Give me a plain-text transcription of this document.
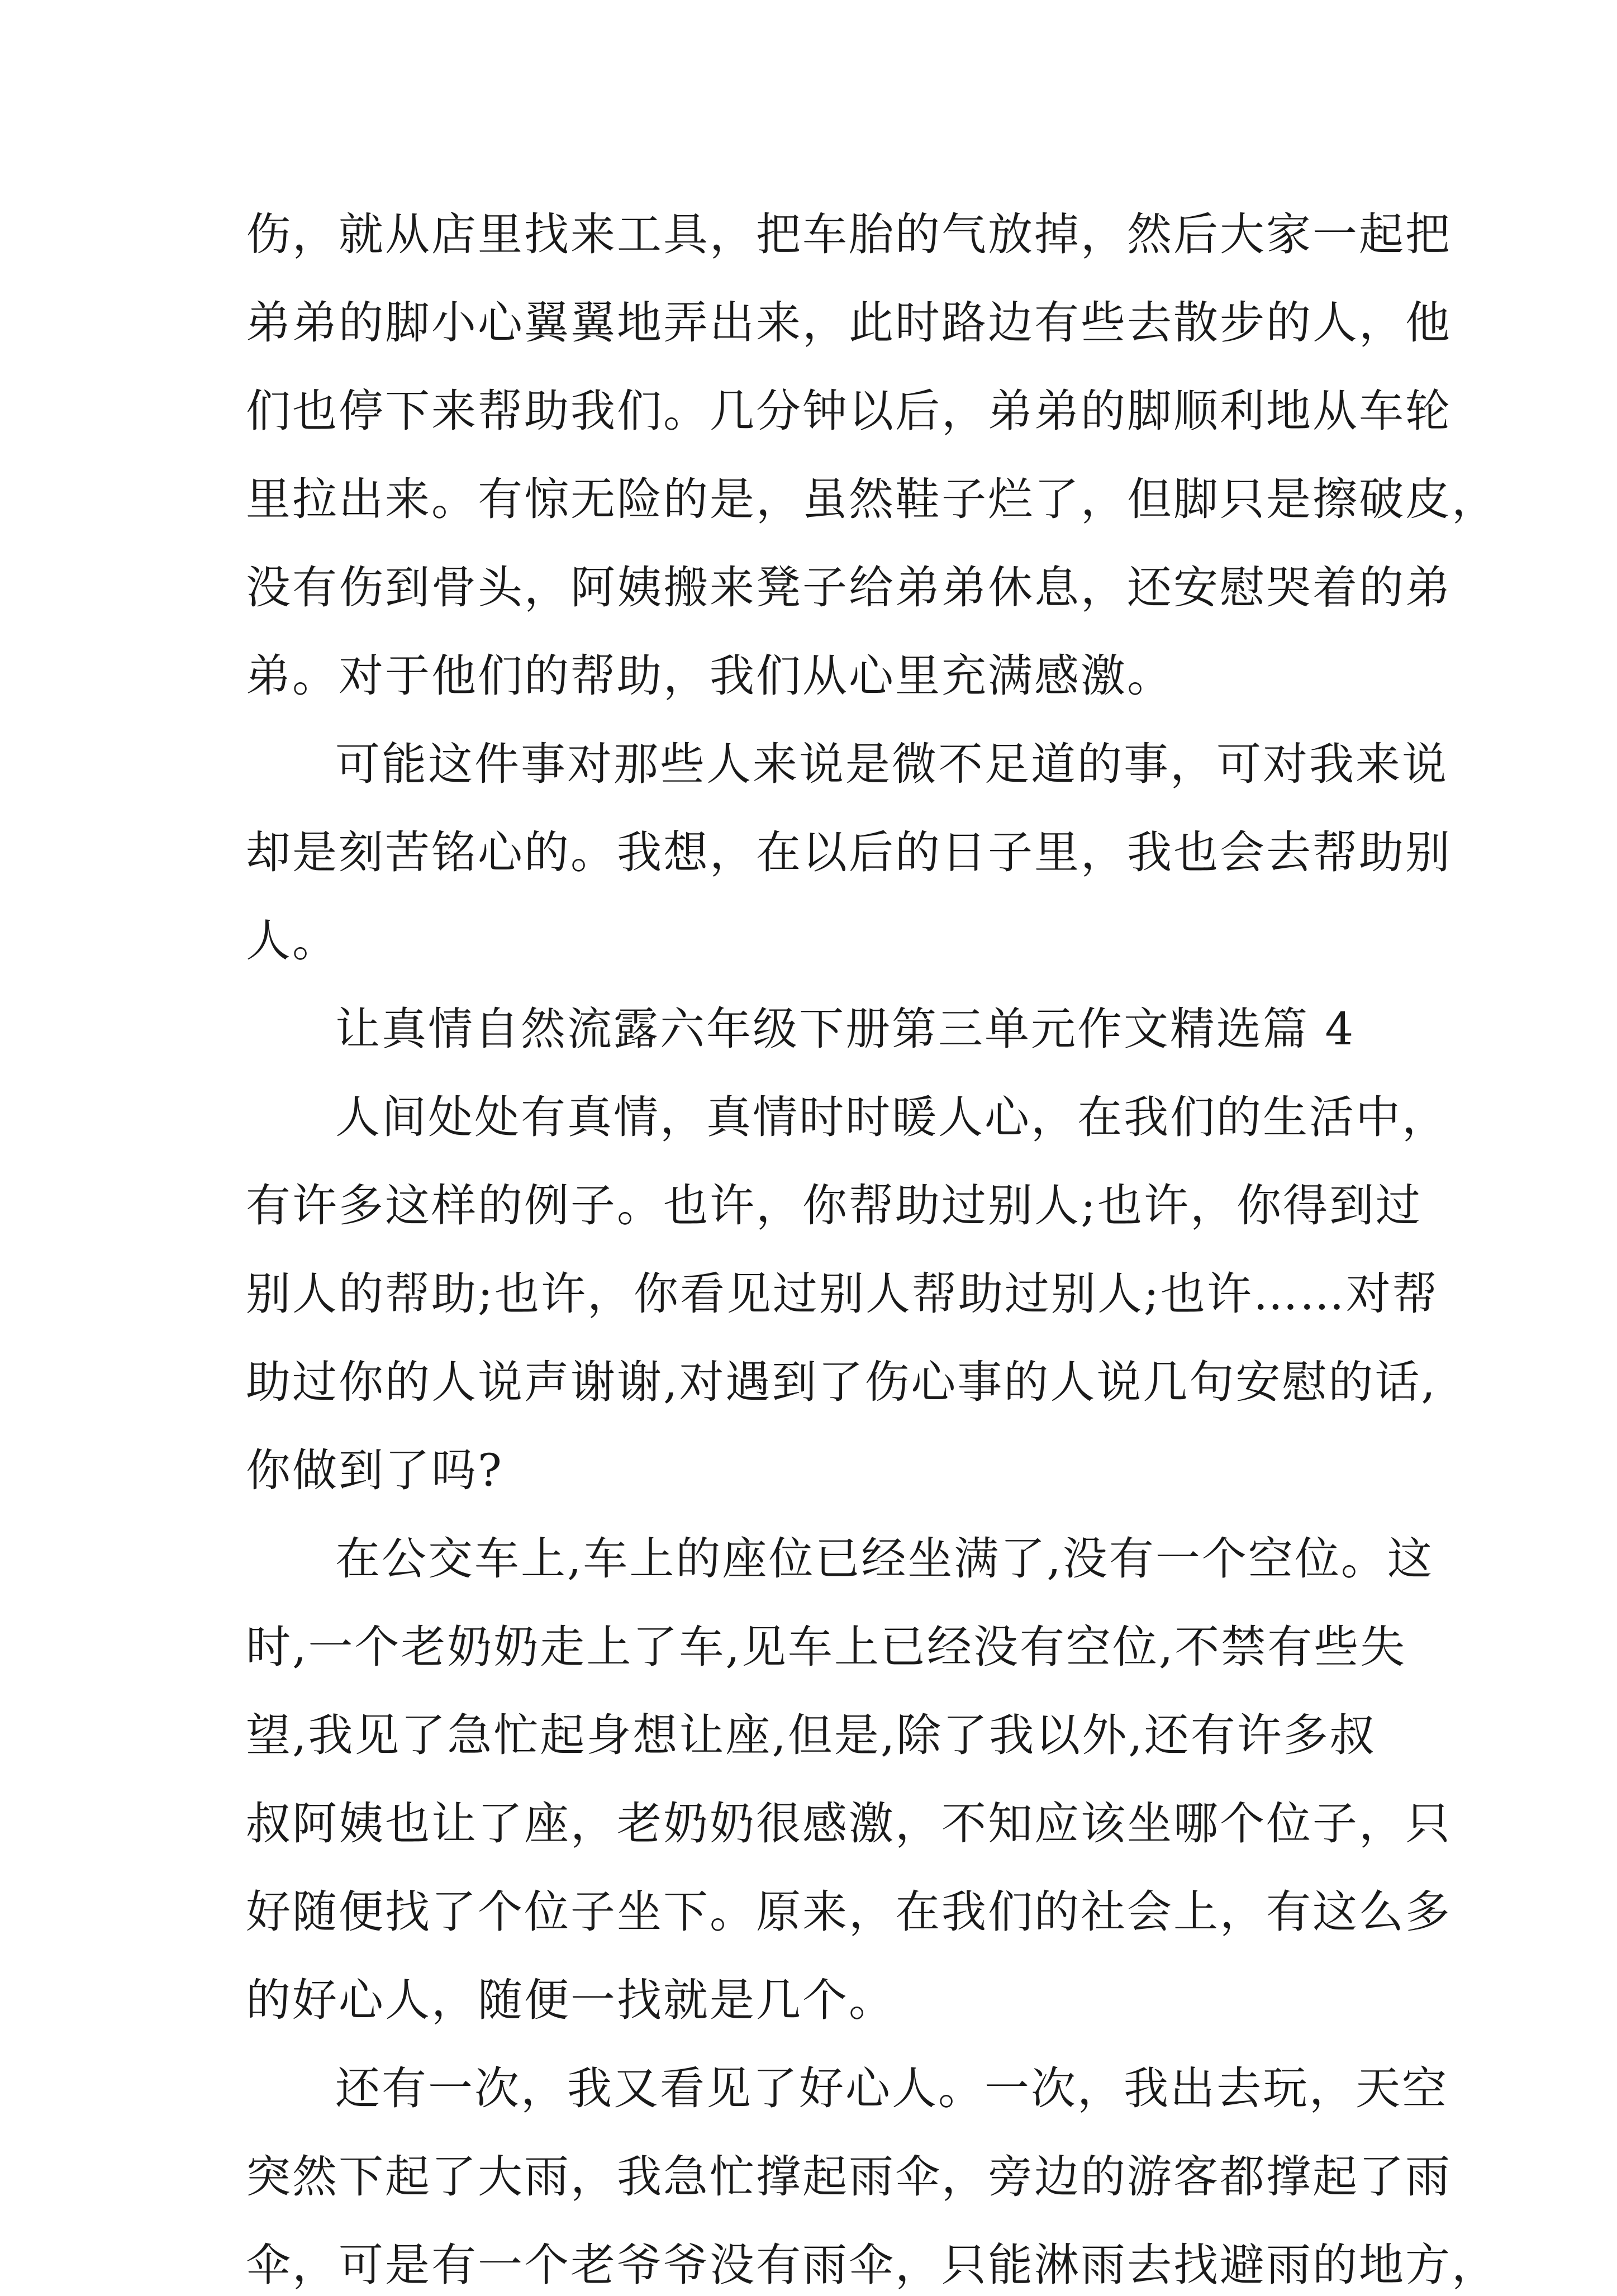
伤，就从店里找来工具，把车胎的气放掉，然后大家一起把
弟弟的脚小心翼翼地弄出来，此时路边有些去散步的人，他
们也停下来帮助我们。几分钟以后，弟弟的脚顺利地从车轮
里拉出来。有惊无险的是，虽然鞋子烂了，但脚只是擦破皮，
没有伤到骨头，阿姨搬来凳子给弟弟休息，还安慰哭着的弟
弟。对于他们的帮助，我们从心里充满感激。
可能这件事对那些人来说是微不足道的事，可对我来说
却是刻苦铭心的。我想，在以后的日子里，我也会去帮助别
人。
让真情自然流露六年级下册第三单元作文精选篇 4
人间处处有真情，真情时时暖人心，在我们的生活中，
有许多这样的例子。也许，你帮助过别人;也许，你得到过
别人的帮助;也许，你看见过别人帮助过别人;也许……对帮
助过你的人说声谢谢,对遇到了伤心事的人说几句安慰的话,
你做到了吗?
在公交车上,车上的座位已经坐满了,没有一个空位。这
时,一个老奶奶走上了车,见车上已经没有空位,不禁有些失
望,我见了急忙起身想让座,但是,除了我以外,还有许多叔
叔阿姨也让了座，老奶奶很感激，不知应该坐哪个位子，只
好随便找了个位子坐下。原来，在我们的社会上，有这么多
的好心人，随便一找就是几个。
还有一次，我又看见了好心人。一次，我出去玩，天空
突然下起了大雨，我急忙撑起雨伞，旁边的游客都撑起了雨
伞，可是有一个老爷爷没有雨伞，只能淋雨去找避雨的地方，
